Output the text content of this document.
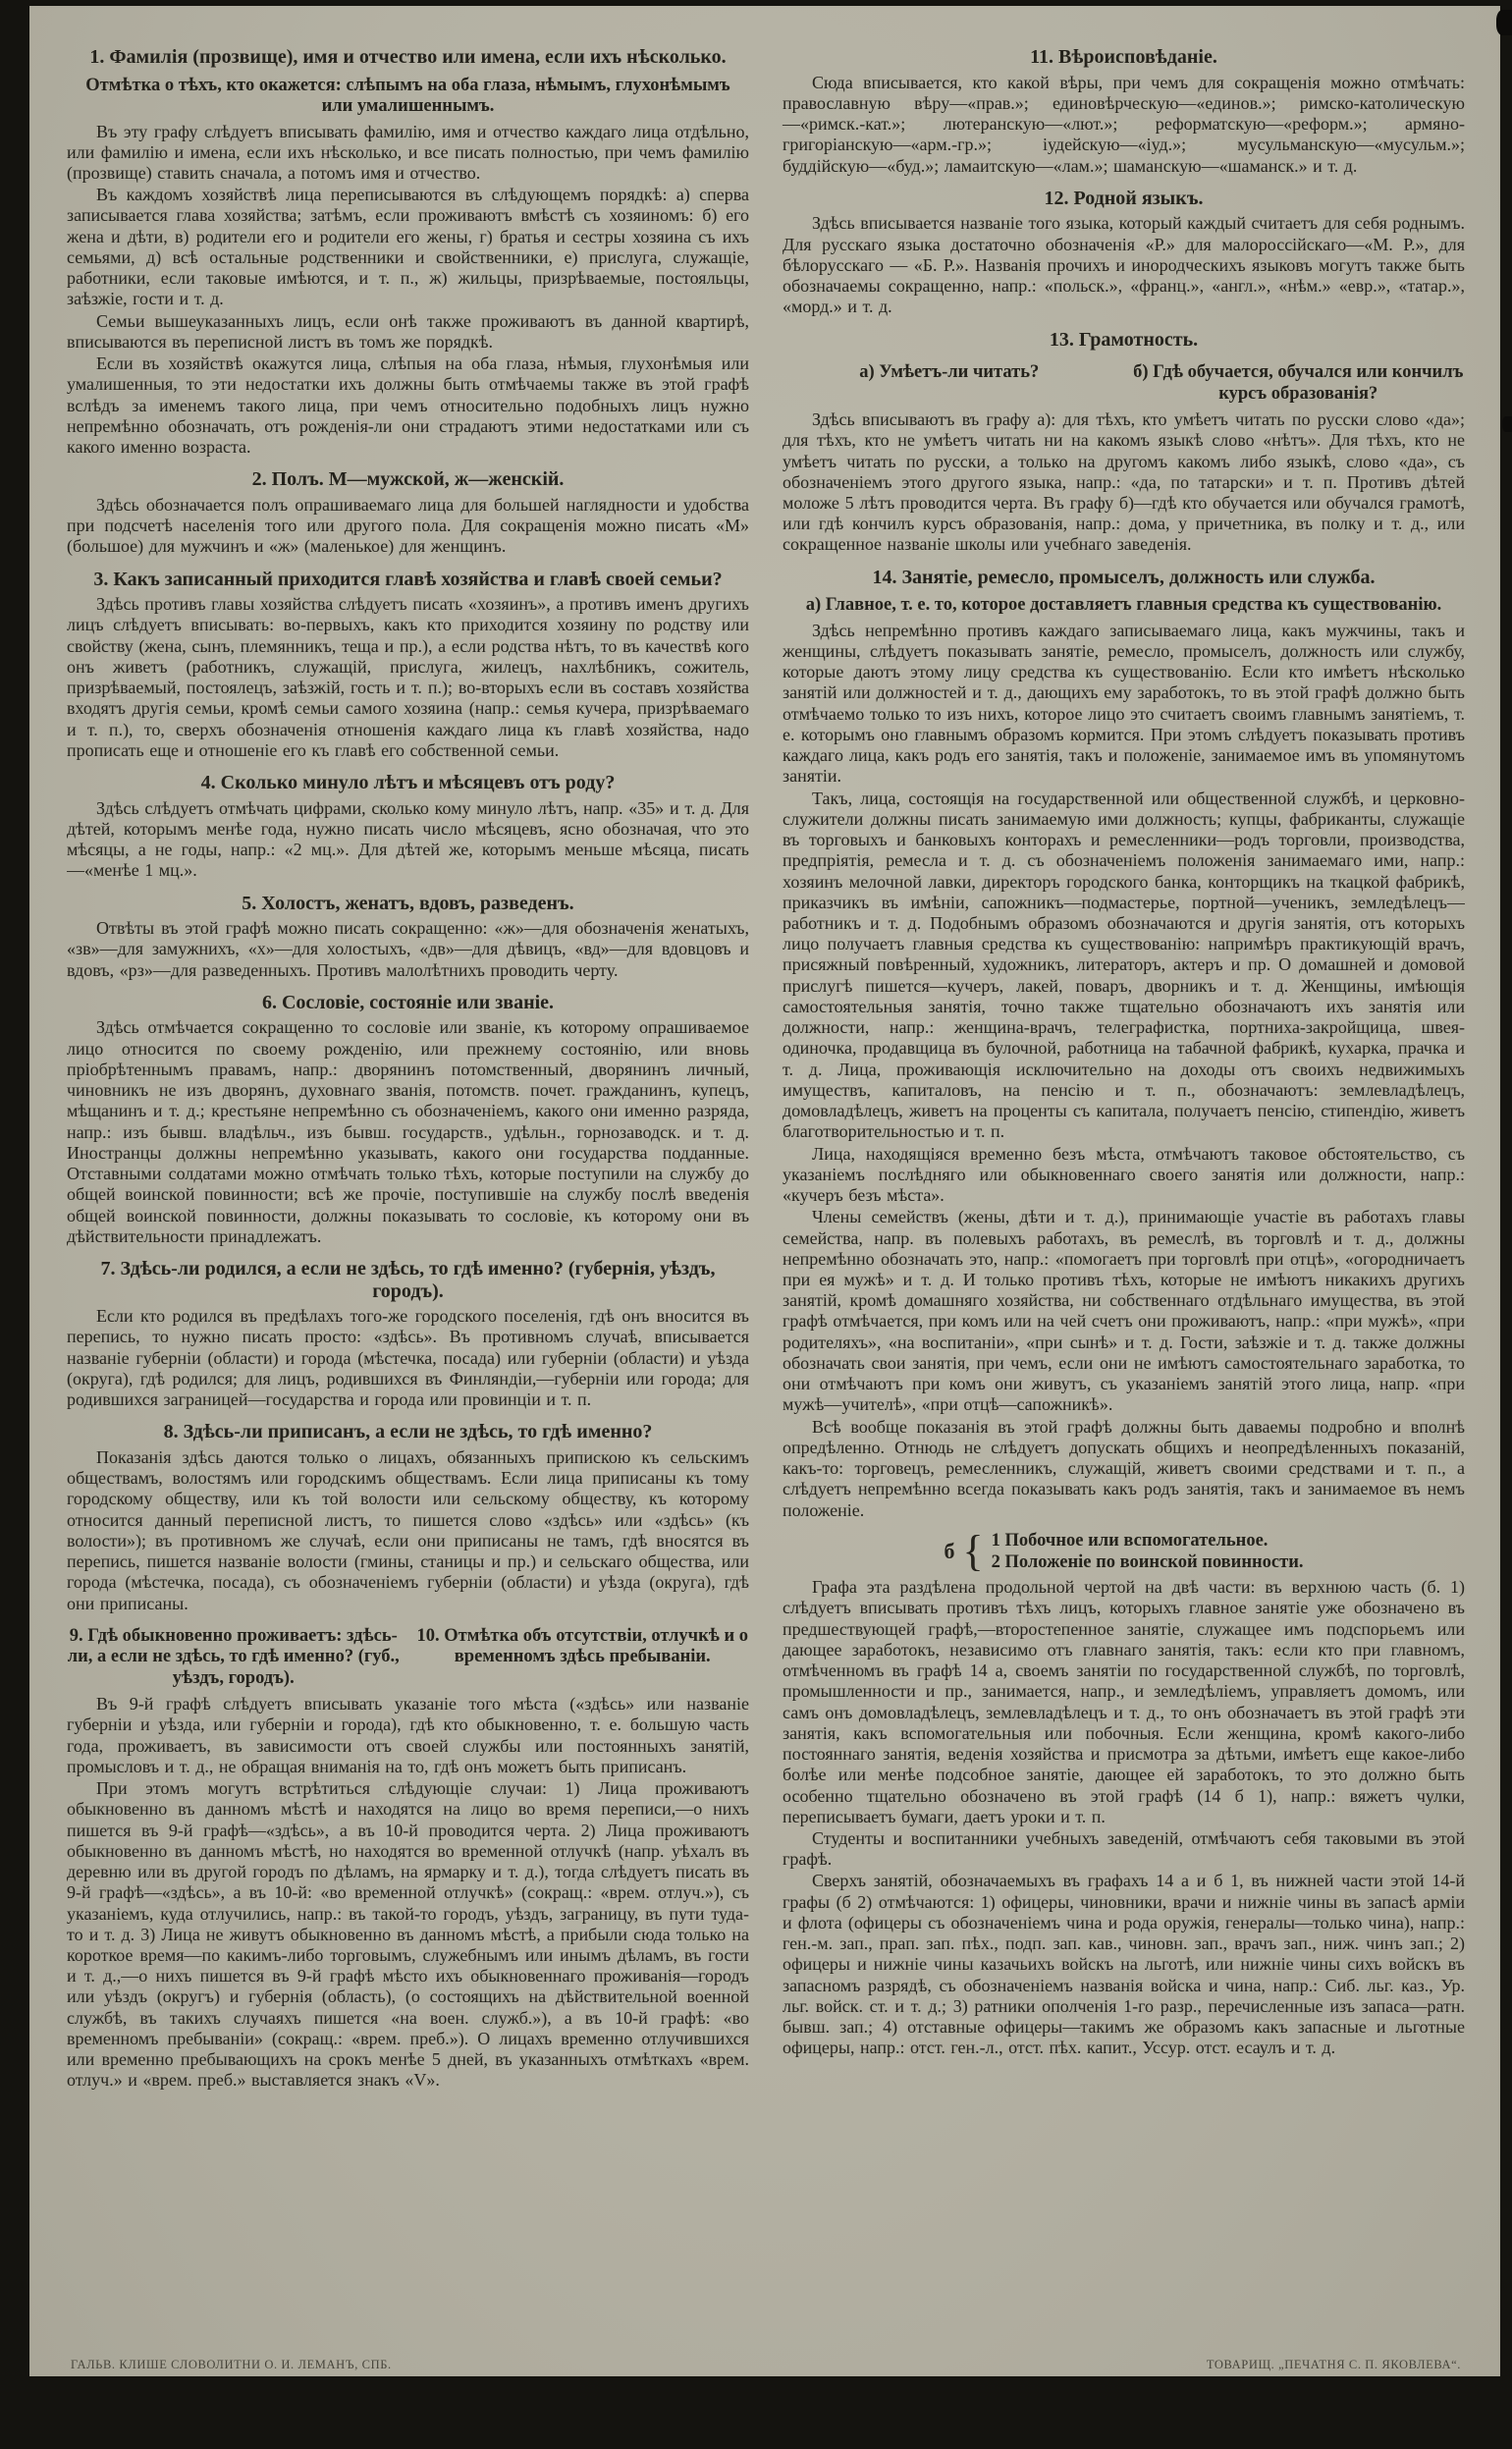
1. Фамилія (прозвище), имя и отчество или имена, если ихъ нѣсколько.
Отмѣтка о тѣхъ, кто окажется: слѣпымъ на оба глаза, нѣмымъ, глухонѣмымъ или умалишеннымъ.

Въ эту графу слѣдуетъ вписывать фамилію, имя и отчество каждаго лица отдѣльно, или фамилію и имена, если ихъ нѣсколько, и все писать полностью, при чемъ фамилію (прозвище) ставить сначала, а потомъ имя и отчество.

Въ каждомъ хозяйствѣ лица переписываются въ слѣдующемъ порядкѣ: а) сперва записывается глава хозяйства; затѣмъ, если проживаютъ вмѣстѣ съ хозяиномъ: б) его жена и дѣти, в) родители его и родители его жены, г) братья и сестры хозяина съ ихъ семьями, д) всѣ остальные родственники и свойственники, е) прислуга, служащіе, работники, если таковые имѣются, и т. п., ж) жильцы, призрѣваемые, постояльцы, заѣзжіе, гости и т. д.

Семьи вышеуказанныхъ лицъ, если онѣ также проживаютъ въ данной квартирѣ, вписываются въ переписной листъ въ томъ же порядкѣ.

Если въ хозяйствѣ окажутся лица, слѣпыя на оба глаза, нѣмыя, глухонѣмыя или умалишенныя, то эти недостатки ихъ должны быть отмѣчаемы также въ этой графѣ вслѣдъ за именемъ такого лица, при чемъ относительно подобныхъ лицъ нужно непремѣнно обозначать, отъ рожденія-ли они страдаютъ этими недостатками или съ какого именно возраста.

2. Полъ. М—мужской, ж—женскій.

Здѣсь обозначается полъ опрашиваемаго лица для большей наглядности и удобства при подсчетѣ населенія того или другого пола. Для сокращенія можно писать «М» (большое) для мужчинъ и «ж» (маленькое) для женщинъ.

3. Какъ записанный приходится главѣ хозяйства и главѣ своей семьи?

Здѣсь противъ главы хозяйства слѣдуетъ писать «хозяинъ», а противъ именъ другихъ лицъ слѣдуетъ вписывать: во-первыхъ, какъ кто приходится хозяину по родству или свойству (жена, сынъ, племянникъ, теща и пр.), а если родства нѣтъ, то въ качествѣ кого онъ живетъ (работникъ, служащій, прислуга, жилецъ, нахлѣбникъ, сожитель, призрѣваемый, постоялецъ, заѣзжій, гость и т. п.); во-вторыхъ если въ составъ хозяйства входятъ другія семьи, кромѣ семьи самого хозяина (напр.: семья кучера, призрѣваемаго и т. п.), то, сверхъ обозначенія отношенія каждаго лица къ главѣ хозяйства, надо прописать еще и отношеніе его къ главѣ его собственной семьи.

4. Сколько минуло лѣтъ и мѣсяцевъ отъ роду?

Здѣсь слѣдуетъ отмѣчать цифрами, сколько кому минуло лѣтъ, напр. «35» и т. д. Для дѣтей, которымъ менѣе года, нужно писать число мѣсяцевъ, ясно обозначая, что это мѣсяцы, а не годы, напр.: «2 мц.». Для дѣтей же, которымъ меньше мѣсяца, писать—«менѣе 1 мц.».

5. Холостъ, женатъ, вдовъ, разведенъ.

Отвѣты въ этой графѣ можно писать сокращенно: «ж»—для обозначенія женатыхъ, «зв»—для замужнихъ, «х»—для холостыхъ, «дв»—для дѣвицъ, «вд»—для вдовцовъ и вдовъ, «рз»—для разведенныхъ. Противъ малолѣтнихъ проводить черту.

6. Сословіе, состояніе или званіе.

Здѣсь отмѣчается сокращенно то сословіе или званіе, къ которому опрашиваемое лицо относится по своему рожденію, или прежнему состоянію, или вновь пріобрѣтеннымъ правамъ, напр.: дворянинъ потомственный, дворянинъ личный, чиновникъ не изъ дворянъ, духовнаго званія, потомств. почет. гражданинъ, купецъ, мѣщанинъ и т. д.; крестьяне непремѣнно съ обозначеніемъ, какого они именно разряда, напр.: изъ бывш. владѣльч., изъ бывш. государств., удѣльн., горнозаводск. и т. д. Иностранцы должны непремѣнно указывать, какого они государства подданные. Отставными солдатами можно отмѣчать только тѣхъ, которые поступили на службу до общей воинской повинности; всѣ же прочіе, поступившіе на службу послѣ введенія общей воинской повинности, должны показывать то сословіе, къ которому они въ дѣйствительности принадлежатъ.

7. Здѣсь-ли родился, а если не здѣсь, то гдѣ именно? (губернія, уѣздъ, городъ).

Если кто родился въ предѣлахъ того-же городского поселенія, гдѣ онъ вносится въ перепись, то нужно писать просто: «здѣсь». Въ противномъ случаѣ, вписывается названіе губерніи (области) и города (мѣстечка, посада) или губерніи (области) и уѣзда (округа), гдѣ родился; для лицъ, родившихся въ Финляндіи,—губерніи или города; для родившихся заграницей—государства и города или провинціи и т. п.

8. Здѣсь-ли приписанъ, а если не здѣсь, то гдѣ именно?

Показанія здѣсь даются только о лицахъ, обязанныхъ припискою къ сельскимъ обществамъ, волостямъ или городскимъ обществамъ. Если лица приписаны къ тому городскому обществу, или къ той волости или сельскому обществу, къ которому относится данный переписной листъ, то пишется слово «здѣсь» или «здѣсь» (къ волости»); въ противномъ же случаѣ, если они приписаны не тамъ, гдѣ вносятся въ перепись, пишется названіе волости (гмины, станицы и пр.) и сельскаго общества, или города (мѣстечка, посада), съ обозначеніемъ губерніи (области) и уѣзда (округа), гдѣ они приписаны.

9. Гдѣ обыкновенно проживаетъ: здѣсь-ли, а если не здѣсь, то гдѣ именно? (губ., уѣздъ, городъ).
10. Отмѣтка объ отсутствіи, отлучкѣ и о временномъ здѣсь пребываніи.

Въ 9-й графѣ слѣдуетъ вписывать указаніе того мѣста («здѣсь» или названіе губерніи и уѣзда, или губерніи и города), гдѣ кто обыкновенно, т. е. большую часть года, проживаетъ, въ зависимости отъ своей службы или постоянныхъ занятій, промысловъ и т. д., не обращая вниманія на то, гдѣ онъ можетъ быть приписанъ.

При этомъ могутъ встрѣтиться слѣдующіе случаи: 1) Лица проживаютъ обыкновенно въ данномъ мѣстѣ и находятся на лицо во время переписи,—о нихъ пишется въ 9-й графѣ—«здѣсь», а въ 10-й проводится черта. 2) Лица проживаютъ обыкновенно въ данномъ мѣстѣ, но находятся во временной отлучкѣ (напр. уѣхалъ въ деревню или въ другой городъ по дѣламъ, на ярмарку и т. д.), тогда слѣдуетъ писать въ 9-й графѣ—«здѣсь», а въ 10-й: «во временной отлучкѣ» (сокращ.: «врем. отлуч.»), съ указаніемъ, куда отлучились, напр.: въ такой-то городъ, уѣздъ, заграницу, въ пути туда-то и т. д. 3) Лица не живутъ обыкновенно въ данномъ мѣстѣ, а прибыли сюда только на короткое время—по какимъ-либо торговымъ, служебнымъ или инымъ дѣламъ, въ гости и т. д.,—о нихъ пишется въ 9-й графѣ мѣсто ихъ обыкновеннаго проживанія—городъ или уѣздъ (округъ) и губернія (область), (о состоящихъ на дѣйствительной военной службѣ, въ такихъ случаяхъ пишется «на воен. служб.»), а въ 10-й графѣ: «во временномъ пребываніи» (сокращ.: «врем. преб.»). О лицахъ временно отлучившихся или временно пребывающихъ на срокъ менѣе 5 дней, въ указанныхъ отмѣткахъ «врем. отлуч.» и «врем. преб.» выставляется знакъ «V».

11. Вѣроисповѣданіе.

Сюда вписывается, кто какой вѣры, при чемъ для сокращенія можно отмѣчать: православную вѣру—«прав.»; единовѣрческую—«единов.»; римско-католическую—«римск.-кат.»; лютеранскую—«лют.»; реформатскую—«реформ.»; армяно-григоріанскую—«арм.-гр.»; іудейскую—«іуд.»; мусульманскую—«мусульм.»; буддійскую—«буд.»; ламаитскую—«лам.»; шаманскую—«шаманск.» и т. д.

12. Родной языкъ.

Здѣсь вписывается названіе того языка, который каждый считаетъ для себя роднымъ. Для русскаго языка достаточно обозначенія «Р.» для малороссійскаго—«М. Р.», для бѣлорусскаго — «Б. Р.». Названія прочихъ и инородческихъ языковъ могутъ также быть обозначаемы сокращенно, напр.: «польск.», «франц.», «англ.», «нѣм.» «евр.», «татар.», «морд.» и т. д.

13. Грамотность.
а) Умѣетъ-ли читать?	б) Гдѣ обучается, обучался или кончилъ курсъ образованія?

Здѣсь вписываютъ въ графу а): для тѣхъ, кто умѣетъ читать по русски слово «да»; для тѣхъ, кто не умѣетъ читать ни на какомъ языкѣ слово «нѣтъ». Для тѣхъ, кто не умѣетъ читать по русски, а только на другомъ какомъ либо языкѣ, слово «да», съ обозначеніемъ этого другого языка, напр.: «да, по татарски» и т. п. Противъ дѣтей моложе 5 лѣтъ проводится черта. Въ графу б)—гдѣ кто обучается или обучался грамотѣ, или гдѣ кончилъ курсъ образованія, напр.: дома, у причетника, въ полку и т. д., или сокращенное названіе школы или учебнаго заведенія.

14. Занятіе, ремесло, промыселъ, должность или служба.
а) Главное, т. е. то, которое доставляетъ главныя средства къ существованію.

Здѣсь непремѣнно противъ каждаго записываемаго лица, какъ мужчины, такъ и женщины, слѣдуетъ показывать занятіе, ремесло, промыселъ, должность или службу, которые даютъ этому лицу средства къ существованію. Если кто имѣетъ нѣсколько занятій или должностей и т. д., дающихъ ему заработокъ, то въ этой графѣ должно быть отмѣчаемо только то изъ нихъ, которое лицо это считаетъ своимъ главнымъ занятіемъ, т. е. которымъ оно главнымъ образомъ кормится. При этомъ слѣдуетъ показывать противъ каждаго лица, какъ родъ его занятія, такъ и положеніе, занимаемое имъ въ упомянутомъ занятіи.

Такъ, лица, состоящія на государственной или общественной службѣ, и церковно-служители должны писать занимаемую ими должность; купцы, фабриканты, служащіе въ торговыхъ и банковыхъ конторахъ и ремесленники—родъ торговли, производства, предпріятія, ремесла и т. д. съ обозначеніемъ положенія занимаемаго ими, напр.: хозяинъ мелочной лавки, директоръ городского банка, конторщикъ на ткацкой фабрикѣ, приказчикъ въ имѣніи, сапожникъ—подмастерье, портной—ученикъ, земледѣлецъ—работникъ и т. д. Подобнымъ образомъ обозначаются и другія занятія, отъ которыхъ лицо получаетъ главныя средства къ существованію: напримѣръ практикующій врачъ, присяжный повѣренный, художникъ, литераторъ, актеръ и пр. О домашней и домовой прислугѣ пишется—кучеръ, лакей, поваръ, дворникъ и т. д. Женщины, имѣющія самостоятельныя занятія, точно также тщательно обозначаютъ ихъ занятія или должности, напр.: женщина-врачъ, телеграфистка, портниха-закройщица, швея-одиночка, продавщица въ булочной, работница на табачной фабрикѣ, кухарка, прачка и т. д. Лица, проживающія исключительно на доходы отъ своихъ недвижимыхъ имуществъ, капиталовъ, на пенсію и т. п., обозначаютъ: землевладѣлецъ, домовладѣлецъ, живетъ на проценты съ капитала, получаетъ пенсію, стипендію, живетъ благотворительностью и т. п.

Лица, находящіяся временно безъ мѣста, отмѣчаютъ таковое обстоятельство, съ указаніемъ послѣдняго или обыкновеннаго своего занятія или должности, напр.: «кучеръ безъ мѣста».

Члены семействъ (жены, дѣти и т. д.), принимающіе участіе въ работахъ главы семейства, напр. въ полевыхъ работахъ, въ ремеслѣ, въ торговлѣ и т. д., должны непремѣнно обозначать это, напр.: «помогаетъ при торговлѣ при отцѣ», «огородничаетъ при ея мужѣ» и т. д. И только противъ тѣхъ, которые не имѣютъ никакихъ другихъ занятій, кромѣ домашняго хозяйства, ни собственнаго отдѣльнаго имущества, въ этой графѣ отмѣчается, при комъ или на чей счетъ они проживаютъ, напр.: «при мужѣ», «при родителяхъ», «на воспитаніи», «при сынѣ» и т. д. Гости, заѣзжіе и т. д. также должны обозначать свои занятія, при чемъ, если они не имѣютъ самостоятельнаго заработка, то они отмѣчаютъ при комъ они живутъ, съ указаніемъ занятій этого лица, напр. «при мужѣ—учителѣ», «при отцѣ—сапожникѣ».

Всѣ вообще показанія въ этой графѣ должны быть даваемы подробно и вполнѣ опредѣленно. Отнюдь не слѣдуетъ допускать общихъ и неопредѣленныхъ показаній, какъ-то: торговецъ, ремесленникъ, служащій, живетъ своими средствами и т. п., а слѣдуетъ непремѣнно всегда показывать какъ родъ занятія, такъ и занимаемое въ немъ положеніе.

б { 1 Побочное или вспомогательное.
2 Положеніе по воинской повинности.

Графа эта раздѣлена продольной чертой на двѣ части: въ верхнюю часть (б. 1) слѣдуетъ вписывать противъ тѣхъ лицъ, которыхъ главное занятіе уже обозначено въ предшествующей графѣ,—второстепенное занятіе, служащее имъ подспорьемъ или дающее заработокъ, независимо отъ главнаго занятія, такъ: если кто при главномъ, отмѣченномъ въ графѣ 14 а, своемъ занятіи по государственной службѣ, по торговлѣ, промышленности и пр., занимается, напр., и земледѣліемъ, управляетъ домомъ, или самъ онъ домовладѣлецъ, землевладѣлецъ и т. д., то онъ обозначаетъ въ этой графѣ эти занятія, какъ вспомогательныя или побочныя. Если женщина, кромѣ какого-либо постояннаго занятія, веденія хозяйства и присмотра за дѣтьми, имѣетъ еще какое-либо болѣе или менѣе подсобное занятіе, дающее ей заработокъ, то это должно быть особенно тщательно обозначено въ этой графѣ (14 б 1), напр.: вяжетъ чулки, переписываетъ бумаги, даетъ уроки и т. п.

Студенты и воспитанники учебныхъ заведеній, отмѣчаютъ себя таковыми въ этой графѣ.

Сверхъ занятій, обозначаемыхъ въ графахъ 14 а и б 1, въ нижней части этой 14-й графы (б 2) отмѣчаются: 1) офицеры, чиновники, врачи и нижніе чины въ запасѣ арміи и флота (офицеры съ обозначеніемъ чина и рода оружія, генералы—только чина), напр.: ген.-м. зап., прап. зап. пѣх., подп. зап. кав., чиновн. зап., врачъ зап., ниж. чинъ зап.; 2) офицеры и нижніе чины казачьихъ войскъ на льготѣ, или нижніе чины сихъ войскъ въ запасномъ разрядѣ, съ обозначеніемъ названія войска и чина, напр.: Сиб. льг. каз., Ур. льг. войск. ст. и т. д.; 3) ратники ополченія 1-го разр., перечисленные изъ запаса—ратн. бывш. зап.; 4) отставные офицеры—такимъ же образомъ какъ запасные и льготные офицеры, напр.: отст. ген.-л., отст. пѣх. капит., Уссур. отст. есаулъ и т. д.

ГАЛЬВ. КЛИШЕ СЛОВОЛИТНИ О. И. ЛЕМАНЪ, СПБ.	ТОВАРИЩ. „ПЕЧАТНЯ С. П. ЯКОВЛЕВА“.
